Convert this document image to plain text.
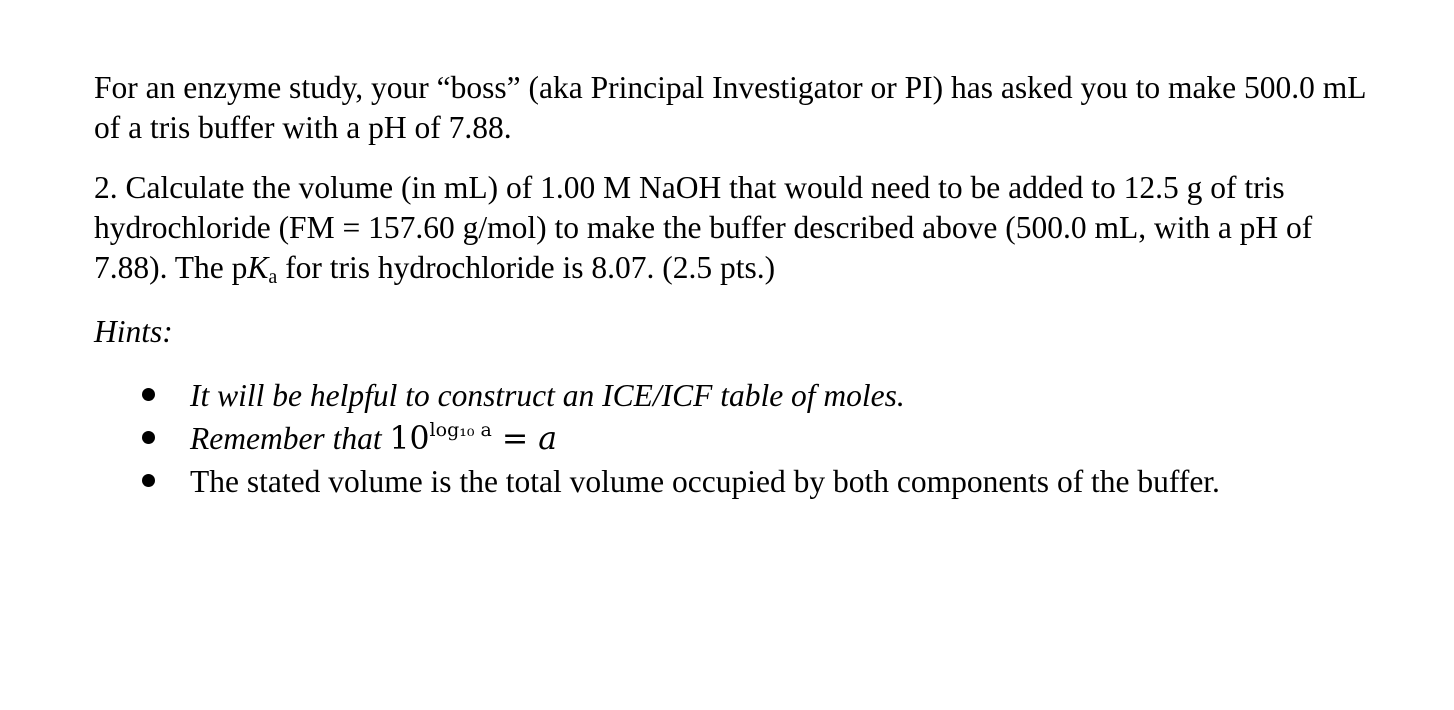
For an enzyme study, your “boss” (aka Principal Investigator or PI) has asked you to make 500.0 mL of a tris buffer with a pH of 7.88.

2. Calculate the volume (in mL) of 1.00 M NaOH that would need to be added to 12.5 g of tris hydrochloride (FM = 157.60 g/mol) to make the buffer described above (500.0 mL, with a pH of 7.88). The pKa for tris hydrochloride is 8.07. (2.5 pts.)

Hints:

It will be helpful to construct an ICE/ICF table of moles.
Remember that $10^{log_{10} a} = a$
The stated volume is the total volume occupied by both components of the buffer.
